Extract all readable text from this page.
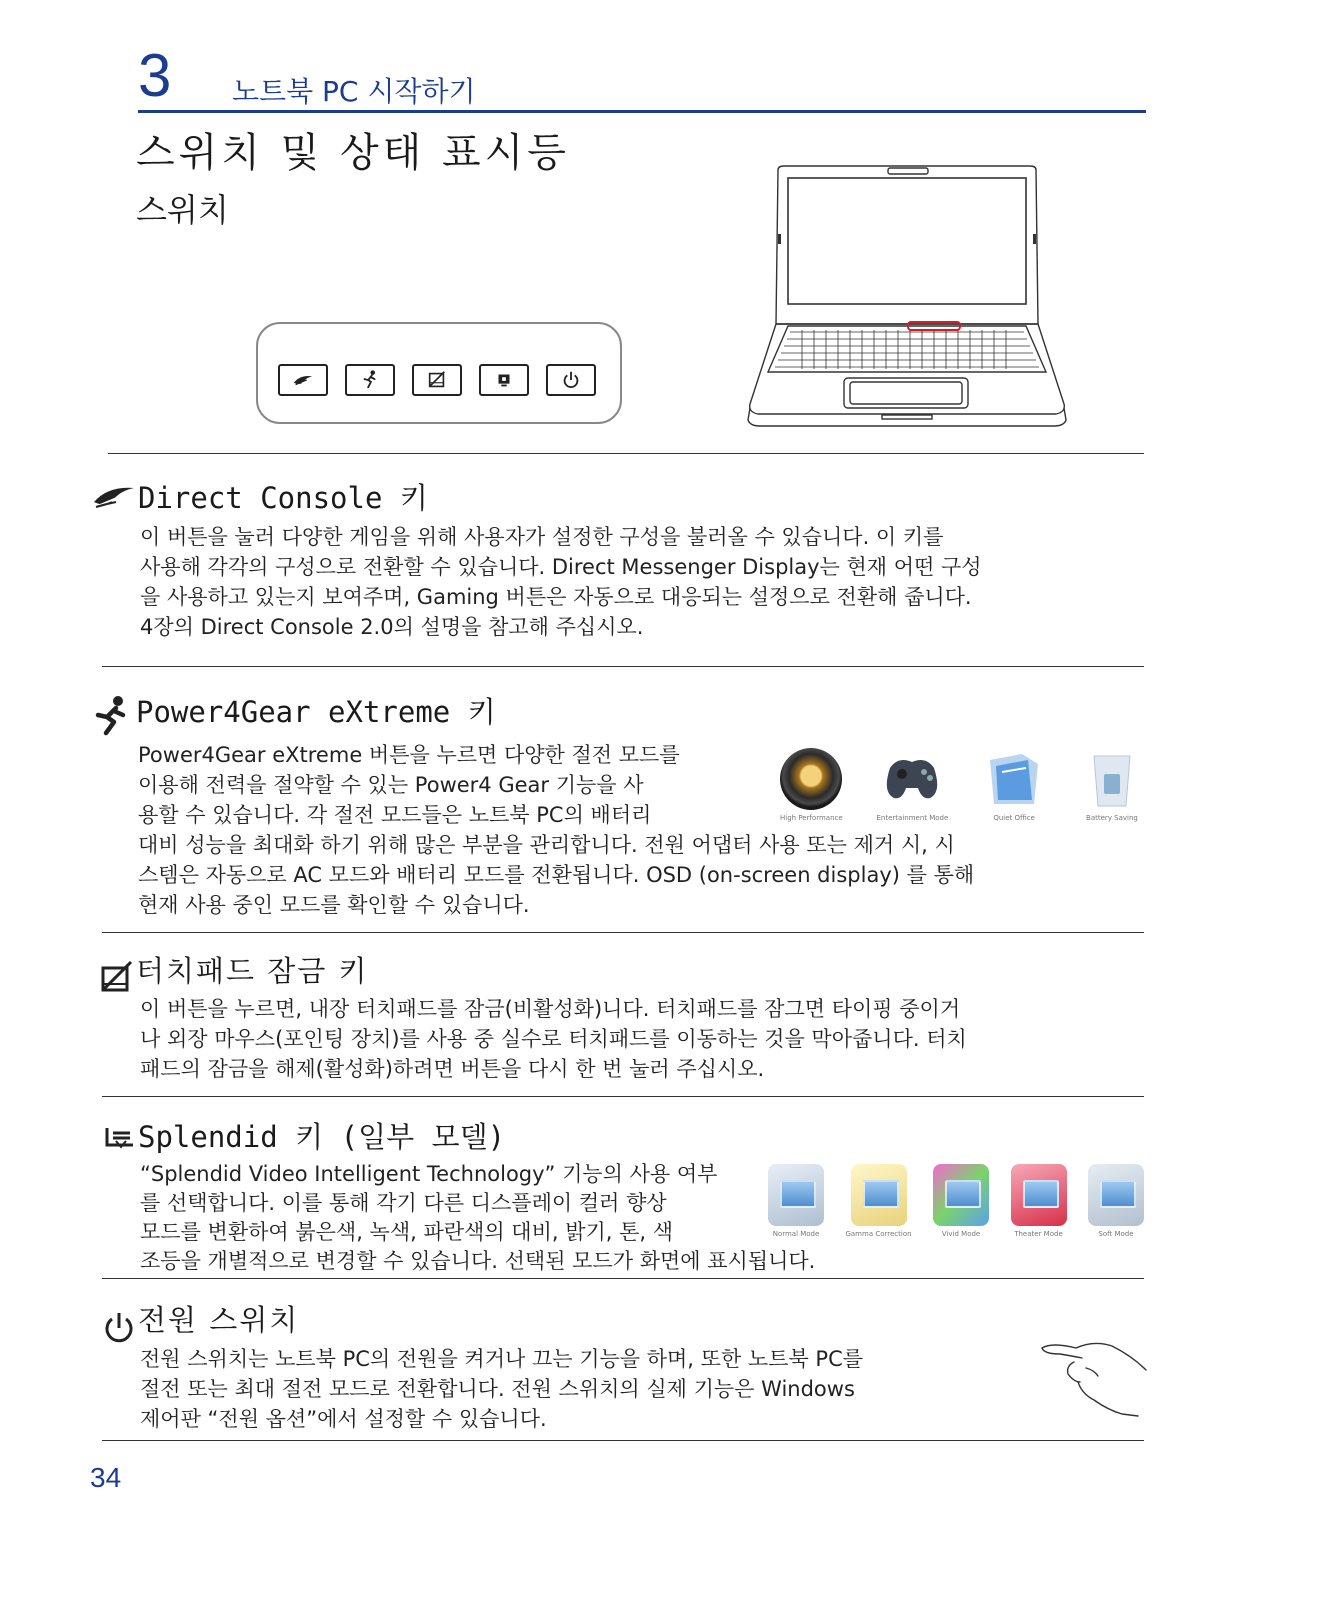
3 노트북 PC 시작하기
스위치 및 상태 표시등
스위치
Direct Console 키
이 버튼을 눌러 다양한 게임을 위해 사용자가 설정한 구성을 불러올 수 있습니다. 이 키를
사용해 각각의 구성으로 전환할 수 있습니다. Direct Messenger Display는 현재 어떤 구성
을 사용하고 있는지 보여주며, Gaming 버튼은 자동으로 대응되는 설정으로 전환해 줍니다.
4장의 Direct Console 2.0의 설명을 참고해 주십시오.
Power4Gear eXtreme 키
Power4Gear eXtreme 버튼을 누르면 다양한 절전 모드를
이용해 전력을 절약할 수 있는 Power4 Gear 기능을 사
용할 수 있습니다. 각 절전 모드들은 노트북 PC의 배터리
대비 성능을 최대화 하기 위해 많은 부분을 관리합니다. 전원 어댑터 사용 또는 제거 시, 시
스템은 자동으로 AC 모드와 배터리 모드를 전환됩니다. OSD (on-screen display) 를 통해
현재 사용 중인 모드를 확인할 수 있습니다.
High Performance	Entertainment Mode	Quiet Office	Battery Saving
터치패드 잠금 키
이 버튼을 누르면, 내장 터치패드를 잠금(비활성화)니다. 터치패드를 잠그면 타이핑 중이거
나 외장 마우스(포인팅 장치)를 사용 중 실수로 터치패드를 이동하는 것을 막아줍니다. 터치
패드의 잠금을 해제(활성화)하려면 버튼을 다시 한 번 눌러 주십시오.
Splendid 키 (일부 모델)
“Splendid Video Intelligent Technology” 기능의 사용 여부
를 선택합니다. 이를 통해 각기 다른 디스플레이 컬러 향상
모드를 변환하여 붉은색, 녹색, 파란색의 대비, 밝기, 톤, 색
조등을 개별적으로 변경할 수 있습니다. 선택된 모드가 화면에 표시됩니다.
Normal Mode	Gamma Correction	Vivid Mode	Theater Mode	Soft Mode
전원 스위치
전원 스위치는 노트북 PC의 전원을 켜거나 끄는 기능을 하며, 또한 노트북 PC를
절전 또는 최대 절전 모드로 전환합니다. 전원 스위치의 실제 기능은 Windows
제어판 “전원 옵션”에서 설정할 수 있습니다.
34
